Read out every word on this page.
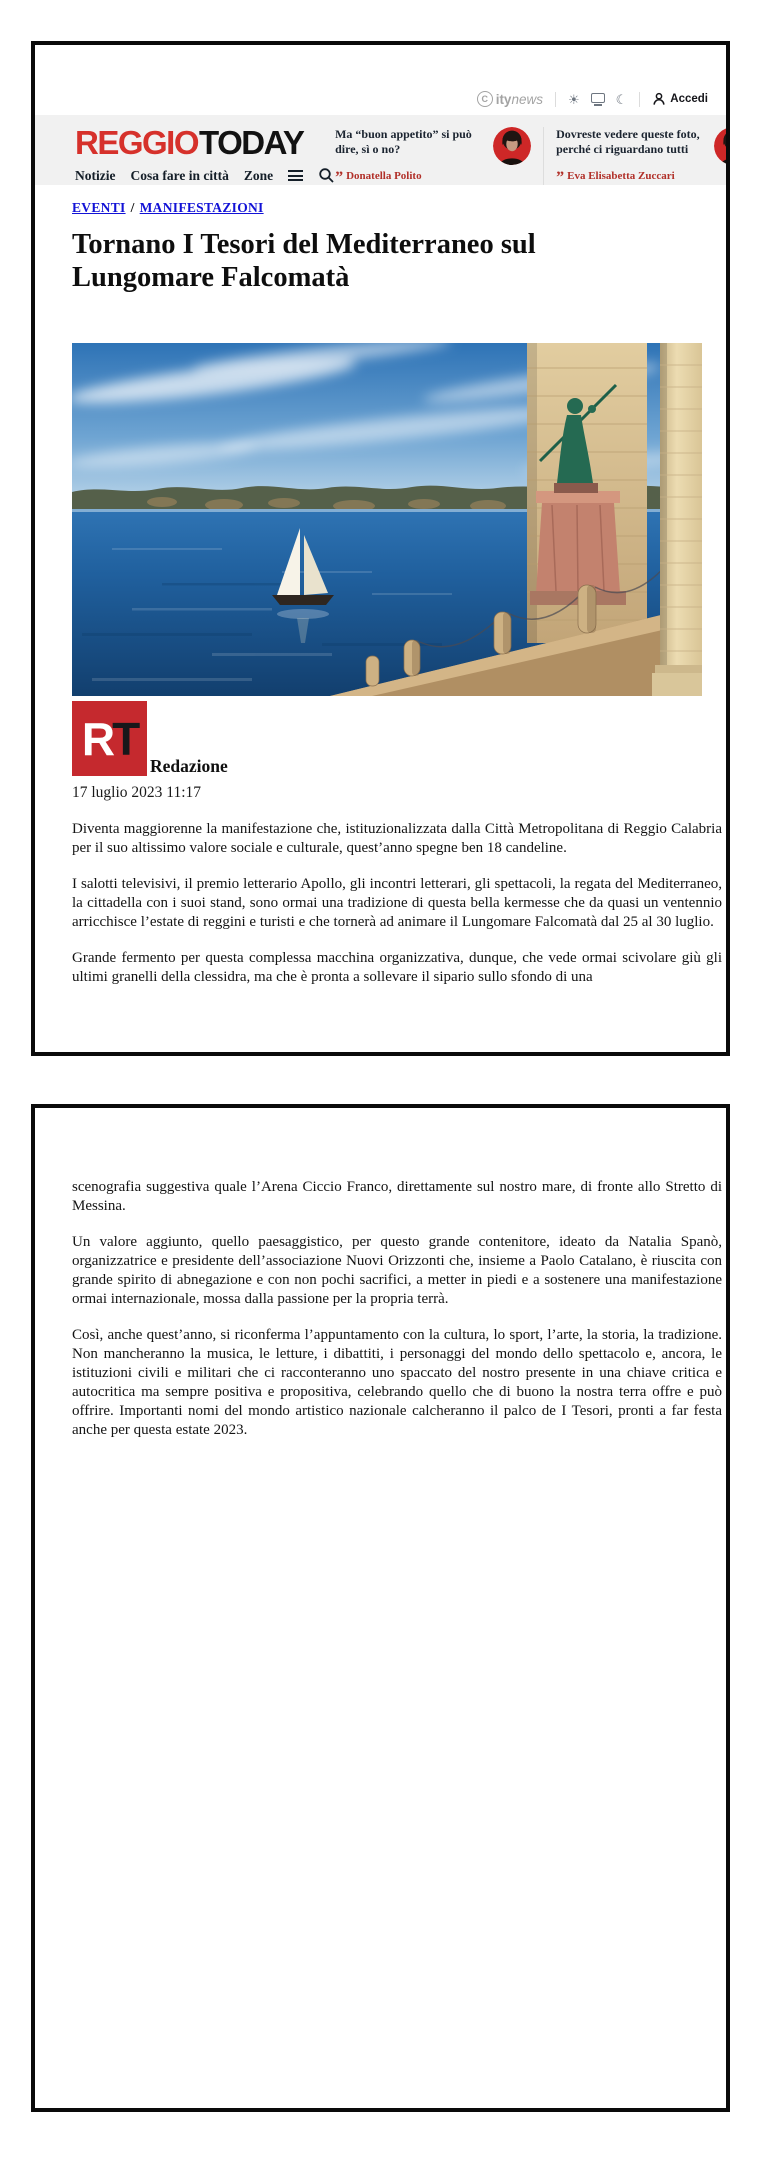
C itynews ☀	☾	Accedi
REGGIOTODAY
Notizie Cosa fare in città Zone
Ma “buon appetito” si può dire, sì o no?
” Donatella Polito
Dovreste vedere queste foto, perché ci riguardano tutti
” Eva Elisabetta Zuccari
EVENTI / MANIFESTAZIONI
Tornano I Tesori del Mediterraneo sul Lungomare Falcomatà
R T
Redazione
17 luglio 2023 11:17

Diventa maggiorenne la manifestazione che, istituzionalizzata dalla Città Metropolitana di Reggio Calabria per il suo altissimo valore sociale e culturale, quest’anno spegne ben 18 candeline.

I salotti televisivi, il premio letterario Apollo, gli incontri letterari, gli spettacoli, la regata del Mediterraneo, la cittadella con i suoi stand, sono ormai una tradizione di questa bella kermesse che da quasi un ventennio arricchisce l’estate di reggini e turisti e che tornerà ad animare il Lungomare Falcomatà dal 25 al 30 luglio.

Grande fermento per questa complessa macchina organizzativa, dunque, che vede ormai scivolare giù gli ultimi granelli della clessidra, ma che è pronta a sollevare il sipario sullo sfondo di una

scenografia suggestiva quale l’Arena Ciccio Franco, direttamente sul nostro mare, di fronte allo Stretto di Messina.

Un valore aggiunto, quello paesaggistico, per questo grande contenitore, ideato da Natalia Spanò, organizzatrice e presidente dell’associazione Nuovi Orizzonti che, insieme a Paolo Catalano, è riuscita con grande spirito di abnegazione e con non pochi sacrifici, a metter in piedi e a sostenere una manifestazione ormai internazionale, mossa dalla passione per la propria terrà.

Così, anche quest’anno, si riconferma l’appuntamento con la cultura, lo sport, l’arte, la storia, la tradizione. Non mancheranno la musica, le letture, i dibattiti, i personaggi del mondo dello spettacolo e, ancora, le istituzioni civili e militari che ci racconteranno uno spaccato del nostro presente in una chiave critica e autocritica ma sempre positiva e propositiva, celebrando quello che di buono la nostra terra offre e può offrire. Importanti nomi del mondo artistico nazionale calcheranno il palco de I Tesori, pronti a far festa anche per questa estate 2023.
